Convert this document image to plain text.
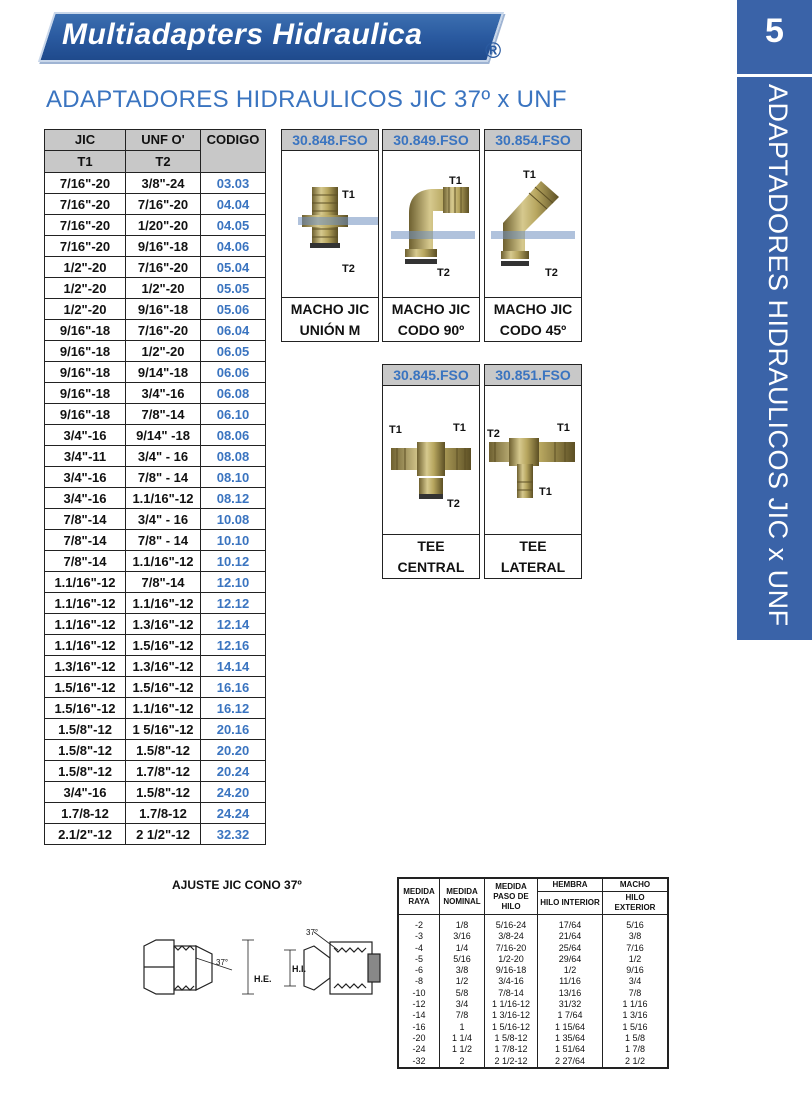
Multiadapters Hidraulica	®
5
ADAPTADORES HIDRAULICOS JIC x UNF
ADAPTADORES HIDRAULICOS JIC 37º x UNF
JIC	UNF O'	CODIGO
T1	T2	
7/16"-20	3/8"-24	03.03
7/16"-20	7/16"-20	04.04
7/16"-20	1/20"-20	04.05
7/16"-20	9/16"-18	04.06
1/2"-20	7/16"-20	05.04
1/2"-20	1/2"-20	05.05
1/2"-20	9/16"-18	05.06
9/16"-18	7/16"-20	06.04
9/16"-18	1/2"-20	06.05
9/16"-18	9/14"-18	06.06
9/16"-18	3/4"-16	06.08
9/16"-18	7/8"-14	06.10
3/4"-16	9/14" -18	08.06
3/4"-11	3/4" - 16	08.08
3/4"-16	7/8" - 14	08.10
3/4"-16	1.1/16"-12	08.12
7/8"-14	3/4" - 16	10.08
7/8"-14	7/8" - 14	10.10
7/8"-14	1.1/16"-12	10.12
1.1/16"-12	7/8"-14	12.10
1.1/16"-12	1.1/16"-12	12.12
1.1/16"-12	1.3/16"-12	12.14
1.1/16"-12	1.5/16"-12	12.16
1.3/16"-12	1.3/16"-12	14.14
1.5/16"-12	1.5/16"-12	16.16
1.5/16"-12	1.1/16"-12	16.12
1.5/8"-12	1 5/16"-12	20.16
1.5/8"-12	1.5/8"-12	20.20
1.5/8"-12	1.7/8"-12	20.24
3/4"-16	1.5/8"-12	24.20
1.7/8-12	1.7/8-12	24.24
2.1/2"-12	2 1/2"-12	32.32
30.848.FSO
T1
T2
MACHO JIC
UNIÓN M
30.849.FSO
T1
T2
MACHO JIC
CODO 90º
30.854.FSO
T1
T2
MACHO JIC
CODO 45º
30.845.FSO
T1	T1
T2
TEE
CENTRAL
30.851.FSO
T2	T1
T1
TEE
LATERAL
AJUSTE JIC CONO 37º
37°
H.E.
37°
H.I.
MEDIDA RAYA	MEDIDA NOMINAL	MEDIDA PASO DE HILO	HEMBRA	MACHO
			HILO INTERIOR	HILO EXTERIOR
-2	1/8	5/16-24	17/64	5/16
-3	3/16	3/8-24	21/64	3/8
-4	1/4	7/16-20	25/64	7/16
-5	5/16	1/2-20	29/64	1/2
-6	3/8	9/16-18	1/2	9/16
-8	1/2	3/4-16	11/16	3/4
-10	5/8	7/8-14	13/16	7/8
-12	3/4	1 1/16-12	31/32	1 1/16
-14	7/8	1 3/16-12	1 7/64	1 3/16
-16	1	1 5/16-12	1 15/64	1 5/16
-20	1 1/4	1 5/8-12	1 35/64	1 5/8
-24	1 1/2	1 7/8-12	1 51/64	1 7/8
-32	2	2 1/2-12	2 27/64	2 1/2
